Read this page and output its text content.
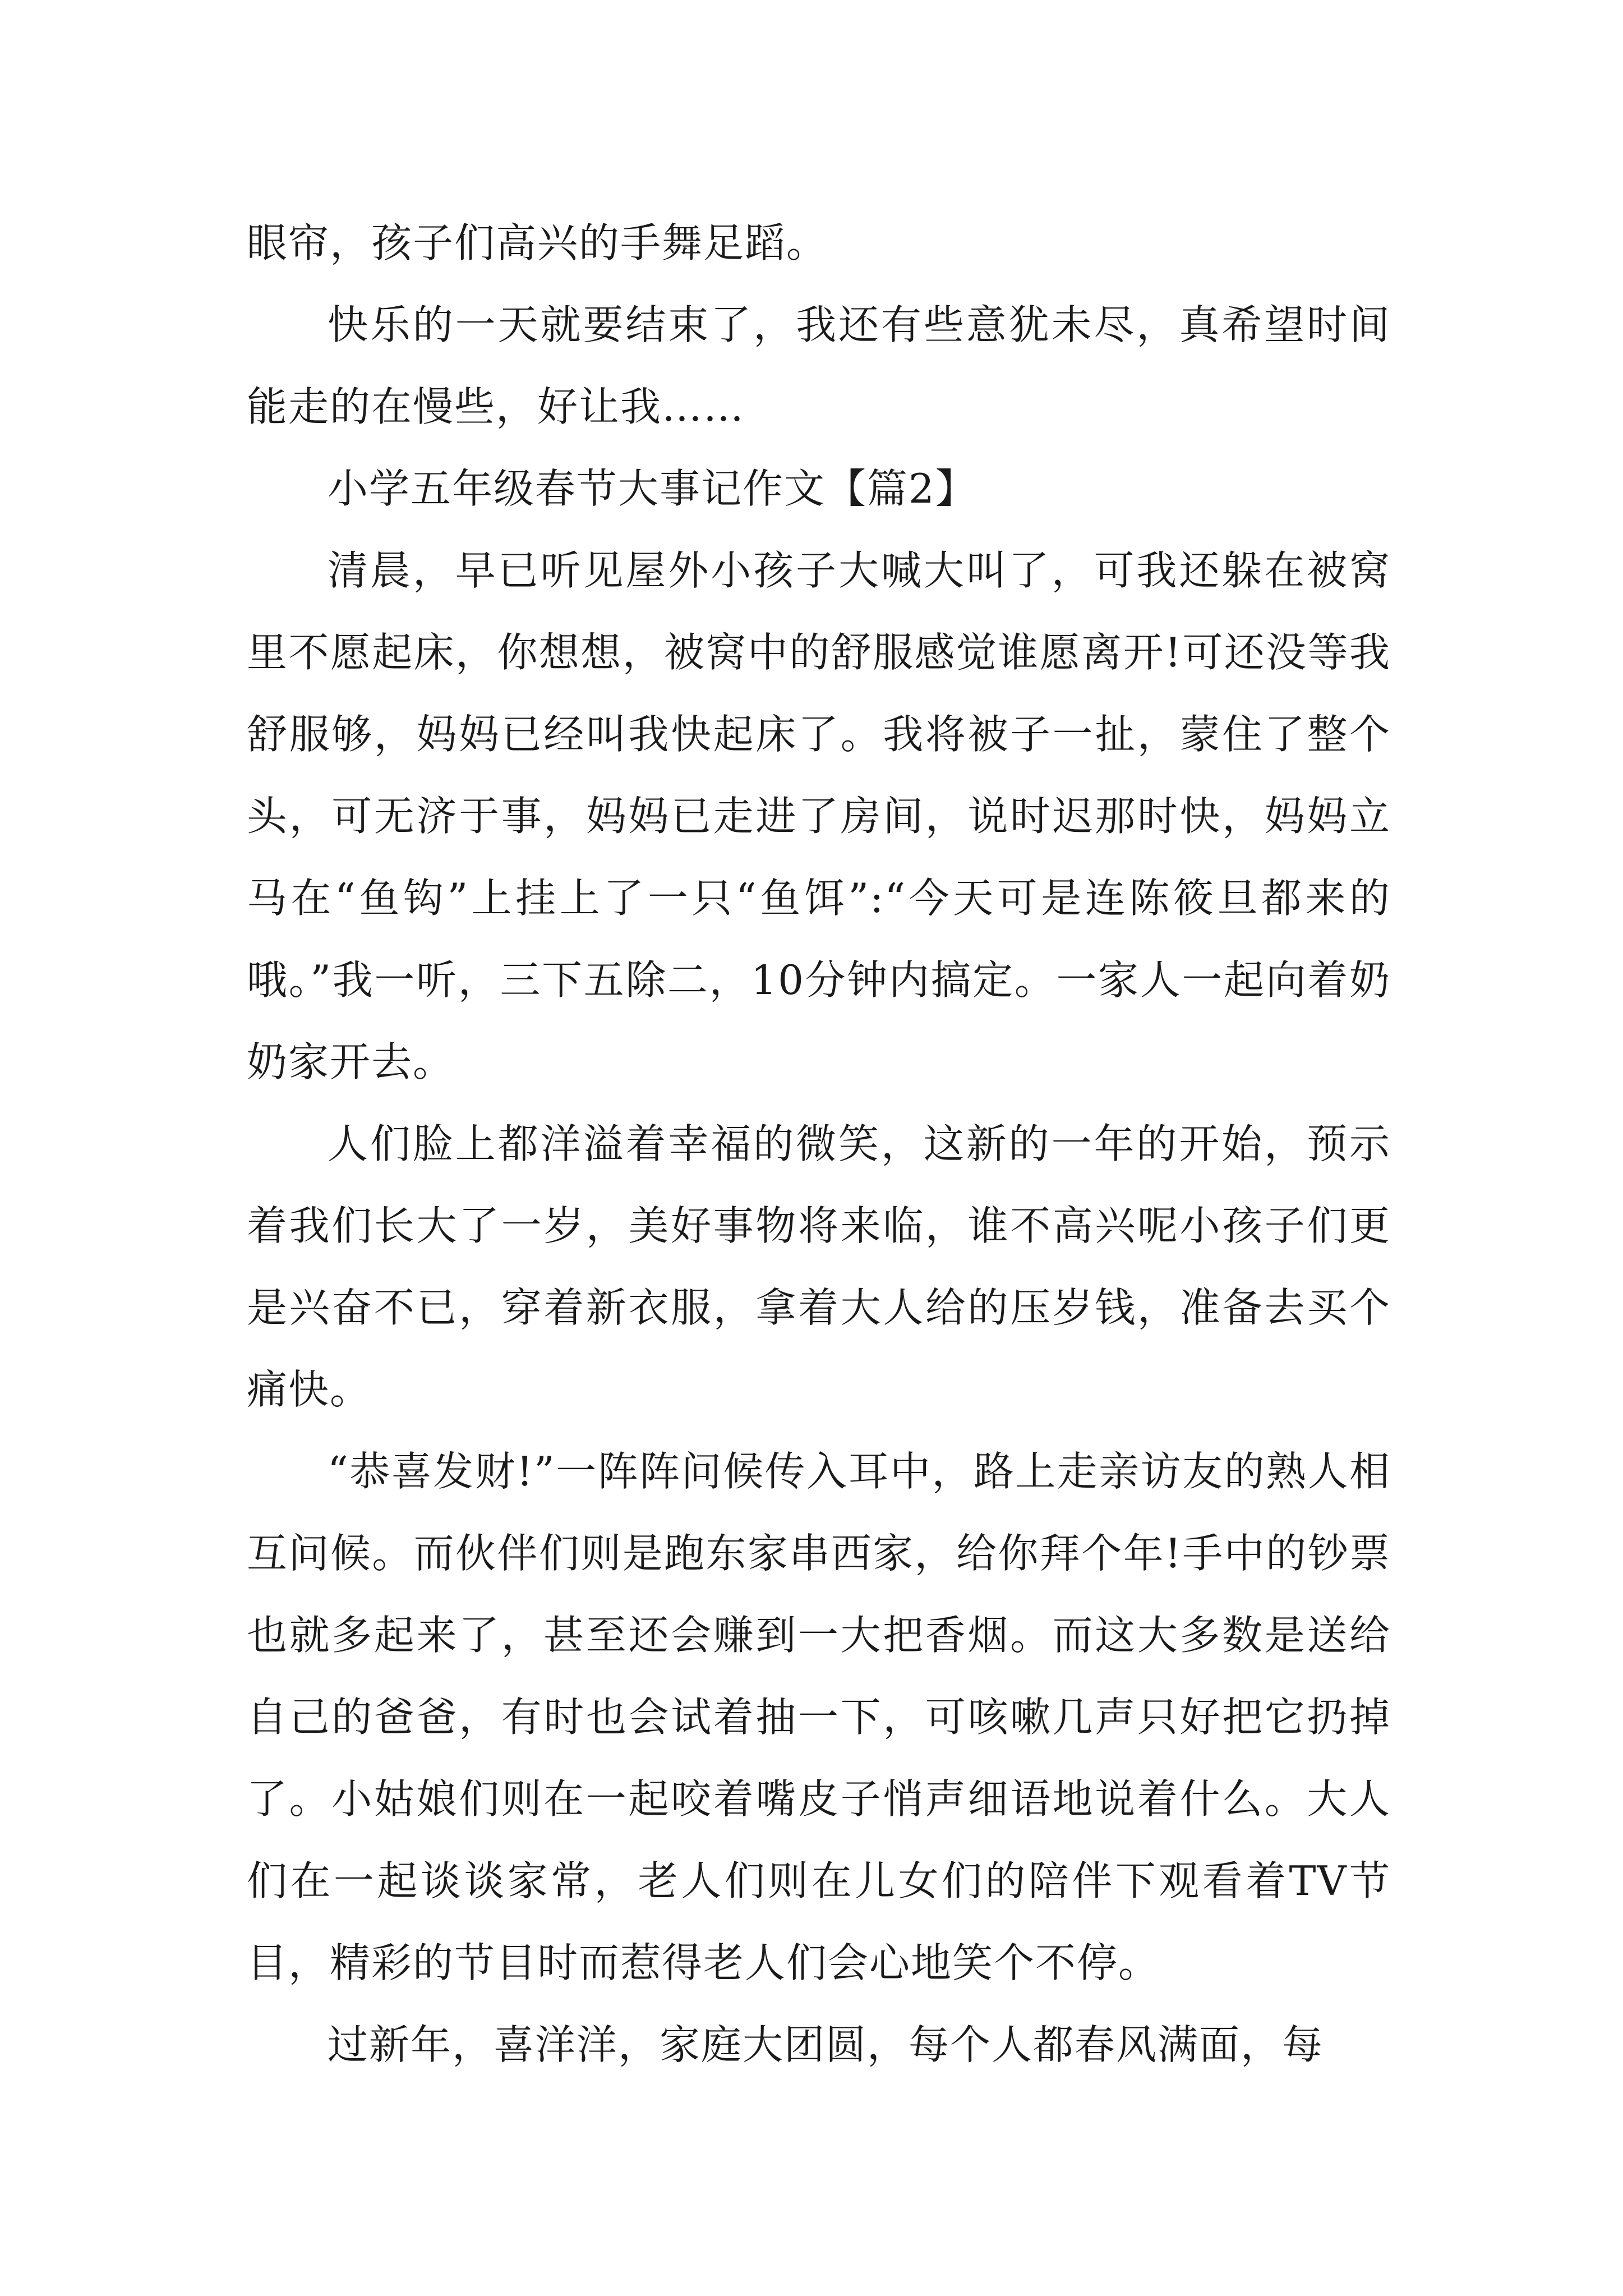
眼帘，孩子们高兴的手舞足蹈。

快乐的一天就要结束了，我还有些意犹未尽，真希望时间能走的在慢些，好让我……

小学五年级春节大事记作文【篇2】

清晨，早已听见屋外小孩子大喊大叫了，可我还躲在被窝里不愿起床，你想想，被窝中的舒服感觉谁愿离开!可还没等我舒服够，妈妈已经叫我快起床了。我将被子一扯，蒙住了整个头，可无济于事，妈妈已走进了房间，说时迟那时快，妈妈立马在“鱼钩”上挂上了一只“鱼饵”:“今天可是连陈筱旦都来的哦。”我一听，三下五除二，10分钟内搞定。一家人一起向着奶奶家开去。

人们脸上都洋溢着幸福的微笑，这新的一年的开始，预示着我们长大了一岁，美好事物将来临，谁不高兴呢小孩子们更是兴奋不已，穿着新衣服，拿着大人给的压岁钱，准备去买个痛快。

“恭喜发财!”一阵阵问候传入耳中，路上走亲访友的熟人相互问候。而伙伴们则是跑东家串西家，给你拜个年!手中的钞票也就多起来了，甚至还会赚到一大把香烟。而这大多数是送给自己的爸爸，有时也会试着抽一下，可咳嗽几声只好把它扔掉了。小姑娘们则在一起咬着嘴皮子悄声细语地说着什么。大人们在一起谈谈家常，老人们则在儿女们的陪伴下观看着TV节目，精彩的节目时而惹得老人们会心地笑个不停。

过新年，喜洋洋，家庭大团圆，每个人都春风满面，每
